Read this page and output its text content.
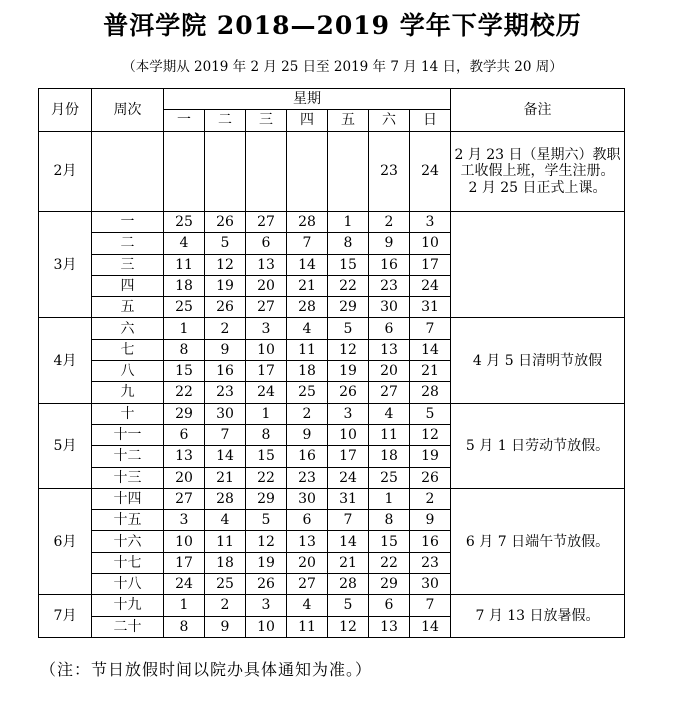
普洱学院 2018—2019 学年下学期校历
（本学期从 2019 年 2 月 25 日至 2019 年 7 月 14 日，教学共 20 周）
月份	周次	星期							备注
		一	二	三	四	五	六	日	
2月							23	24	2 月 23 日（星期六）教职工收假上班，学生注册。
2 月 25 日正式上课。

3月	一	25	26	27	28	1	2	3	
	二	4	5	6	7	8	9	10	
	三	11	12	13	14	15	16	17	
	四	18	19	20	21	22	23	24	
	五	25	26	27	28	29	30	31	
4月	六	1	2	3	4	5	6	7	4 月 5 日清明节放假

	七	8	9	10	11	12	13	14	
	八	15	16	17	18	19	20	21	
	九	22	23	24	25	26	27	28	
5月	十	29	30	1	2	3	4	5	5 月 1 日劳动节放假。

	十一	6	7	8	9	10	11	12	
	十二	13	14	15	16	17	18	19	
	十三	20	21	22	23	24	25	26	
6月	十四	27	28	29	30	31	1	2	6 月 7 日端午节放假。

	十五	3	4	5	6	7	8	9	
	十六	10	11	12	13	14	15	16	
	十七	17	18	19	20	21	22	23	
	十八	24	25	26	27	28	29	30	
7月	十九	1	2	3	4	5	6	7	7 月 13 日放暑假。

	二十	8	9	10	11	12	13	14	
（注：节日放假时间以院办具体通知为准。）
